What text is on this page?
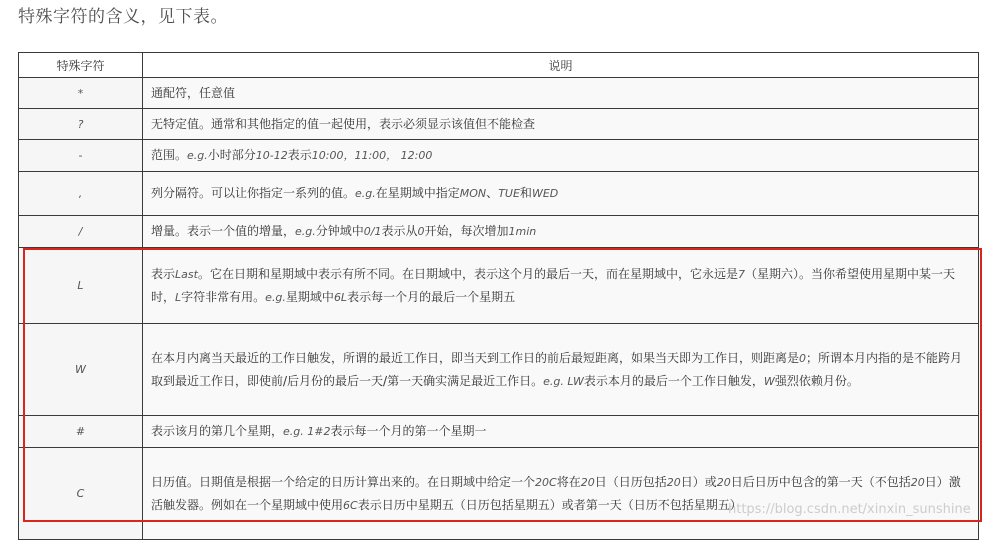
特殊字符的含义，见下表。
特殊字符	说明
*	通配符，任意值
?	无特定值。通常和其他指定的值一起使用，表示必须显示该值但不能检查
-	范围。e.g.小时部分10-12表示10:00，11:00， 12:00
,	列分隔符。可以让你指定一系列的值。e.g.在星期域中指定MON、TUE和WED
/	增量。表示一个值的增量，e.g.分钟域中0/1表示从0开始，每次增加1min
L	表示Last。它在日期和星期域中表示有所不同。在日期域中，表示这个月的最后一天，而在星期域中，它永远是7（星期六）。当你希望使用星期中某一天时，L字符非常有用。e.g.星期域中6L表示每一个月的最后一个星期五
W	在本月内离当天最近的工作日触发，所谓的最近工作日，即当天到工作日的前后最短距离，如果当天即为工作日，则距离是0；所谓本月内指的是不能跨月取到最近工作日，即使前/后月份的最后一天/第一天确实满足最近工作日。e.g. LW表示本月的最后一个工作日触发，W强烈依赖月份。
#	表示该月的第几个星期，e.g. 1#2表示每一个月的第一个星期一
C	日历值。日期值是根据一个给定的日历计算出来的。在日期域中给定一个20C将在20日（日历包括20日）或20日后日历中包含的第一天（不包括20日）激活触发器。例如在一个星期域中使用6C表示日历中星期五（日历包括星期五）或者第一天（日历不包括星期五）
https://blog.csdn.net/xinxin_sunshine
